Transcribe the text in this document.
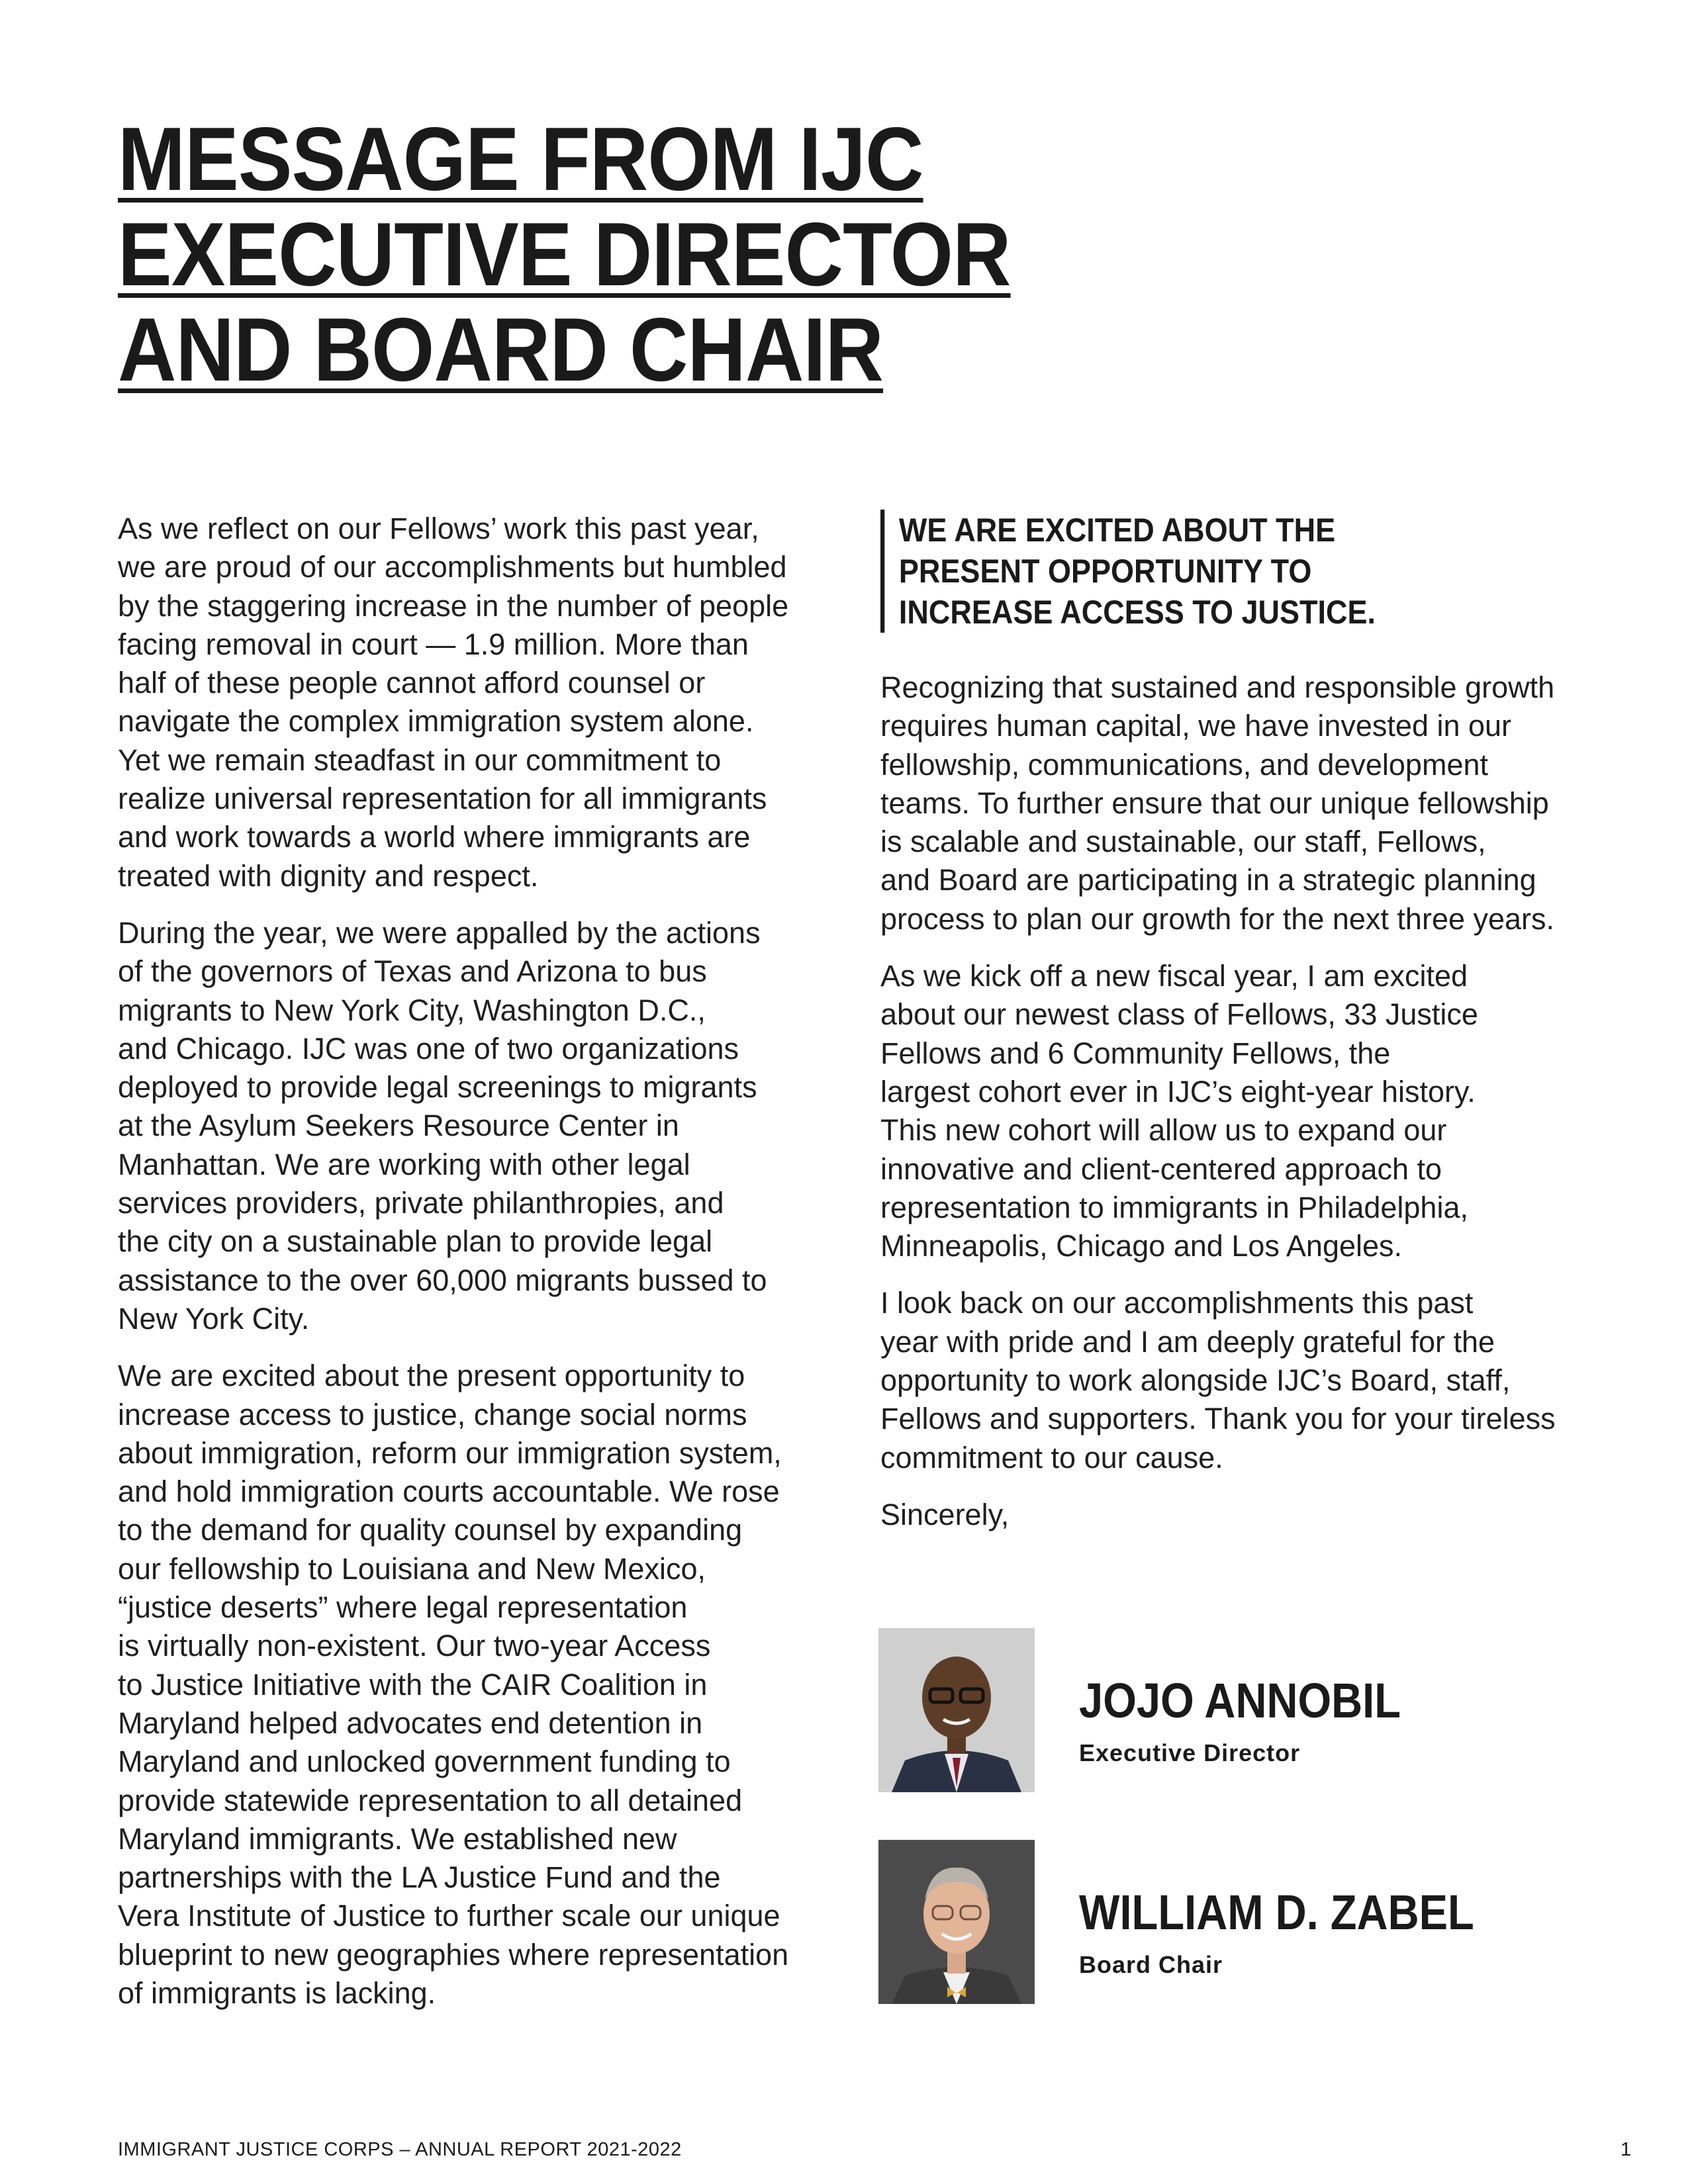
MESSAGE FROM IJC
EXECUTIVE DIRECTOR
AND BOARD CHAIR

As we reflect on our Fellows’ work this past year,
we are proud of our accomplishments but humbled
by the staggering increase in the number of people
facing removal in court — 1.9 million. More than
half of these people cannot afford counsel or
navigate the complex immigration system alone.
Yet we remain steadfast in our commitment to
realize universal representation for all immigrants
and work towards a world where immigrants are
treated with dignity and respect.

During the year, we were appalled by the actions
of the governors of Texas and Arizona to bus
migrants to New York City, Washington D.C.,
and Chicago. IJC was one of two organizations
deployed to provide legal screenings to migrants
at the Asylum Seekers Resource Center in
Manhattan. We are working with other legal
services providers, private philanthropies, and
the city on a sustainable plan to provide legal
assistance to the over 60,000 migrants bussed to
New York City.

We are excited about the present opportunity to
increase access to justice, change social norms
about immigration, reform our immigration system,
and hold immigration courts accountable. We rose
to the demand for quality counsel by expanding
our fellowship to Louisiana and New Mexico,
“justice deserts” where legal representation
is virtually non-existent. Our two-year Access
to Justice Initiative with the CAIR Coalition in
Maryland helped advocates end detention in
Maryland and unlocked government funding to
provide statewide representation to all detained
Maryland immigrants. We established new
partnerships with the LA Justice Fund and the
Vera Institute of Justice to further scale our unique
blueprint to new geographies where representation
of immigrants is lacking.

WE ARE EXCITED ABOUT THE
PRESENT OPPORTUNITY TO
INCREASE ACCESS TO JUSTICE.

Recognizing that sustained and responsible growth
requires human capital, we have invested in our
fellowship, communications, and development
teams. To further ensure that our unique fellowship
is scalable and sustainable, our staff, Fellows,
and Board are participating in a strategic planning
process to plan our growth for the next three years.

As we kick off a new fiscal year, I am excited
about our newest class of Fellows, 33 Justice
Fellows and 6 Community Fellows, the
largest cohort ever in IJC’s eight-year history.
This new cohort will allow us to expand our
innovative and client-centered approach to
representation to immigrants in Philadelphia,
Minneapolis, Chicago and Los Angeles.

I look back on our accomplishments this past
year with pride and I am deeply grateful for the
opportunity to work alongside IJC’s Board, staff,
Fellows and supporters. Thank you for your tireless
commitment to our cause.

Sincerely,

JOJO ANNOBIL
Executive Director
WILLIAM D. ZABEL
Board Chair
IMMIGRANT JUSTICE CORPS – ANNUAL REPORT 2021-2022	1
